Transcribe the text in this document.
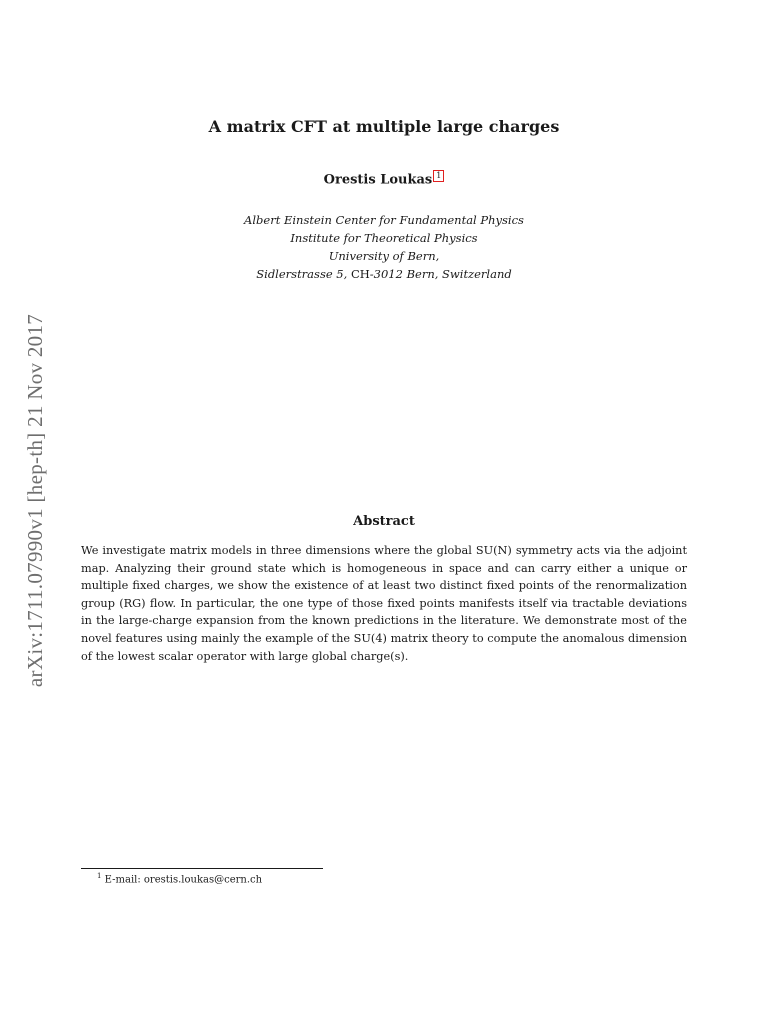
arXiv:1711.07990v1 [hep-th] 21 Nov 2017
A matrix CFT at multiple large charges
Orestis Loukas 1
Albert Einstein Center for Fundamental Physics
Institute for Theoretical Physics
University of Bern,
Sidlerstrasse 5, CH-3012 Bern, Switzerland
Abstract
We investigate matrix models in three dimensions where the global SU(N) symmetry acts via the adjoint map. Analyzing their ground state which is homogeneous in space and can carry either a unique or multiple fixed charges, we show the existence of at least two distinct fixed points of the renormalization group (RG) flow. In particular, the one type of those fixed points manifests itself via tractable deviations in the large-charge expansion from the known predictions in the literature. We demonstrate most of the novel features using mainly the example of the SU(4) matrix theory to compute the anomalous dimension of the lowest scalar operator with large global charge(s).
$^1$ E-mail: orestis.loukas@cern.ch
